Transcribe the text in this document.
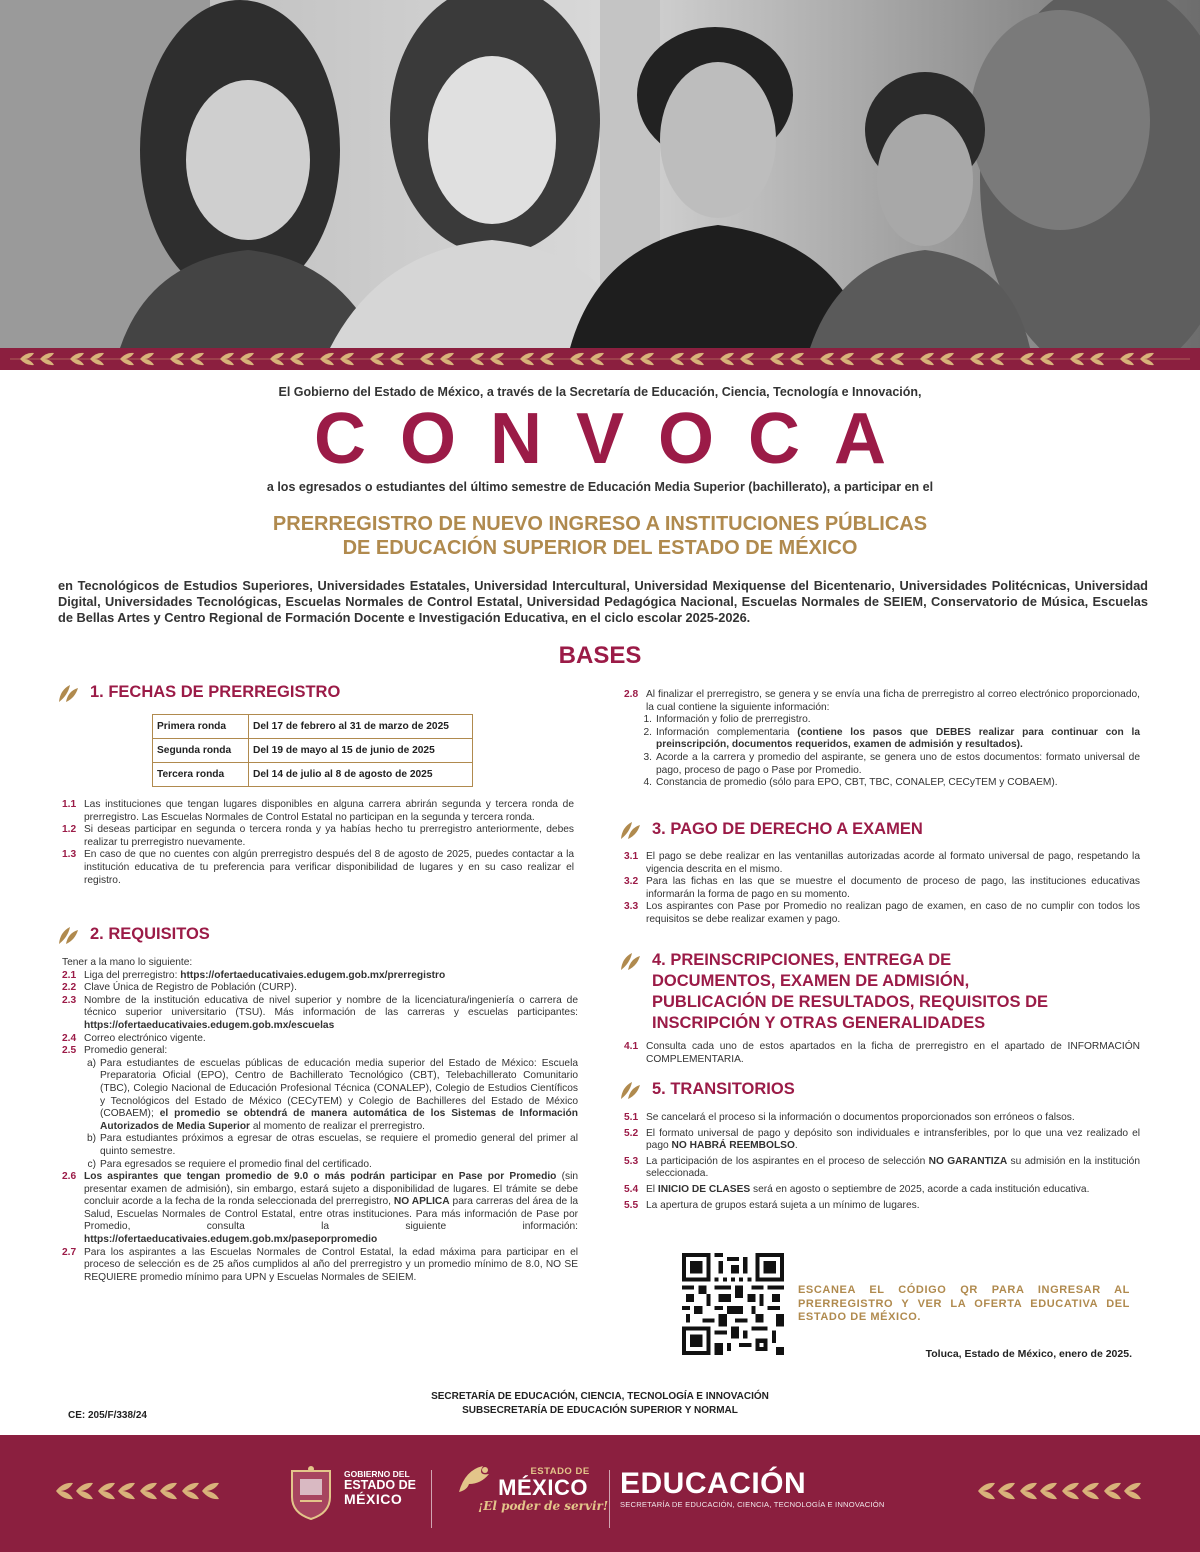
El Gobierno del Estado de México, a través de la Secretaría de Educación, Ciencia, Tecnología e Innovación,
CONVOCA
a los egresados o estudiantes del último semestre de Educación Media Superior (bachillerato), a participar en el
PRERREGISTRO DE NUEVO INGRESO A INSTITUCIONES PÚBLICAS
DE EDUCACIÓN SUPERIOR DEL ESTADO DE MÉXICO
en Tecnológicos de Estudios Superiores, Universidades Estatales, Universidad Intercultural, Universidad Mexiquense del Bicentenario, Universidades Politécnicas, Universidad Digital, Universidades Tecnológicas, Escuelas Normales de Control Estatal, Universidad Pedagógica Nacional, Escuelas Normales de SEIEM, Conservatorio de Música, Escuelas de Bellas Artes y Centro Regional de Formación Docente e Investigación Educativa, en el ciclo escolar 2025-2026.
BASES
1. FECHAS DE PRERREGISTRO
Primera ronda	Del 17 de febrero al 31 de marzo de 2025
Segunda ronda	Del 19 de mayo al 15 de junio de 2025
Tercera ronda	Del 14 de julio al 8 de agosto de 2025
1.1 Las instituciones que tengan lugares disponibles en alguna carrera abrirán segunda y tercera ronda de prerregistro. Las Escuelas Normales de Control Estatal no participan en la segunda y tercera ronda.
1.2 Si deseas participar en segunda o tercera ronda y ya habías hecho tu prerregistro anteriormente, debes realizar tu prerregistro nuevamente.
1.3 En caso de que no cuentes con algún prerregistro después del 8 de agosto de 2025, puedes contactar a la institución educativa de tu preferencia para verificar disponibilidad de lugares y en su caso realizar el registro.
2. REQUISITOS
Tener a la mano lo siguiente:
2.1 Liga del prerregistro: https://ofertaeducativaies.edugem.gob.mx/prerregistro
2.2 Clave Única de Registro de Población (CURP).
2.3 Nombre de la institución educativa de nivel superior y nombre de la licenciatura/ingeniería o carrera de técnico superior universitario (TSU). Más información de las carreras y escuelas participantes: https://ofertaeducativaies.edugem.gob.mx/escuelas
2.4 Correo electrónico vigente.
2.5 Promedio general:
a) Para estudiantes de escuelas públicas de educación media superior del Estado de México: Escuela Preparatoria Oficial (EPO), Centro de Bachillerato Tecnológico (CBT), Telebachillerato Comunitario (TBC), Colegio Nacional de Educación Profesional Técnica (CONALEP), Colegio de Estudios Científicos y Tecnológicos del Estado de México (CECyTEM) y Colegio de Bachilleres del Estado de México (COBAEM); el promedio se obtendrá de manera automática de los Sistemas de Información Autorizados de Media Superior al momento de realizar el prerregistro.
b) Para estudiantes próximos a egresar de otras escuelas, se requiere el promedio general del primer al quinto semestre.
c) Para egresados se requiere el promedio final del certificado.
2.6 Los aspirantes que tengan promedio de 9.0 o más podrán participar en Pase por Promedio (sin presentar examen de admisión), sin embargo, estará sujeto a disponibilidad de lugares. El trámite se debe concluir acorde a la fecha de la ronda seleccionada del prerregistro, NO APLICA para carreras del área de la Salud, Escuelas Normales de Control Estatal, entre otras instituciones. Para más información de Pase por Promedio, consulta la siguiente información: https://ofertaeducativaies.edugem.gob.mx/paseporpromedio
2.7 Para los aspirantes a las Escuelas Normales de Control Estatal, la edad máxima para participar en el proceso de selección es de 25 años cumplidos al año del prerregistro y un promedio mínimo de 8.0, NO SE REQUIERE promedio mínimo para UPN y Escuelas Normales de SEIEM.
2.8 Al finalizar el prerregistro, se genera y se envía una ficha de prerregistro al correo electrónico proporcionado, la cual contiene la siguiente información:
1. Información y folio de prerregistro.
2. Información complementaria (contiene los pasos que DEBES realizar para continuar con la preinscripción, documentos requeridos, examen de admisión y resultados).
3. Acorde a la carrera y promedio del aspirante, se genera uno de estos documentos: formato universal de pago, proceso de pago o Pase por Promedio.
4. Constancia de promedio (sólo para EPO, CBT, TBC, CONALEP, CECyTEM y COBAEM).
3. PAGO DE DERECHO A EXAMEN
3.1 El pago se debe realizar en las ventanillas autorizadas acorde al formato universal de pago, respetando la vigencia descrita en el mismo.
3.2 Para las fichas en las que se muestre el documento de proceso de pago, las instituciones educativas informarán la forma de pago en su momento.
3.3 Los aspirantes con Pase por Promedio no realizan pago de examen, en caso de no cumplir con todos los requisitos se debe realizar examen y pago.
4. PREINSCRIPCIONES, ENTREGA DE
DOCUMENTOS, EXAMEN DE ADMISIÓN,
PUBLICACIÓN DE RESULTADOS, REQUISITOS DE
INSCRIPCIÓN Y OTRAS GENERALIDADES
4.1 Consulta cada uno de estos apartados en la ficha de prerregistro en el apartado de INFORMACIÓN COMPLEMENTARIA.
5. TRANSITORIOS
5.1 Se cancelará el proceso si la información o documentos proporcionados son erróneos o falsos.
5.2 El formato universal de pago y depósito son individuales e intransferibles, por lo que una vez realizado el pago NO HABRÁ REEMBOLSO.
5.3 La participación de los aspirantes en el proceso de selección NO GARANTIZA su admisión en la institución seleccionada.
5.4 El INICIO DE CLASES será en agosto o septiembre de 2025, acorde a cada institución educativa.
5.5 La apertura de grupos estará sujeta a un mínimo de lugares.
ESCANEA EL CÓDIGO QR PARA INGRESAR AL PRERREGISTRO Y VER LA OFERTA EDUCATIVA DEL ESTADO DE MÉXICO.
Toluca, Estado de México, enero de 2025.
SECRETARÍA DE EDUCACIÓN, CIENCIA, TECNOLOGÍA E INNOVACIÓN
SUBSECRETARÍA DE EDUCACIÓN SUPERIOR Y NORMAL
CE: 205/F/338/24
GOBIERNO DEL
ESTADO DE
MÉXICO
ESTADO DE
MÉXICO
¡El poder de servir!
EDUCACIÓN
SECRETARÍA DE EDUCACIÓN, CIENCIA, TECNOLOGÍA E INNOVACIÓN
